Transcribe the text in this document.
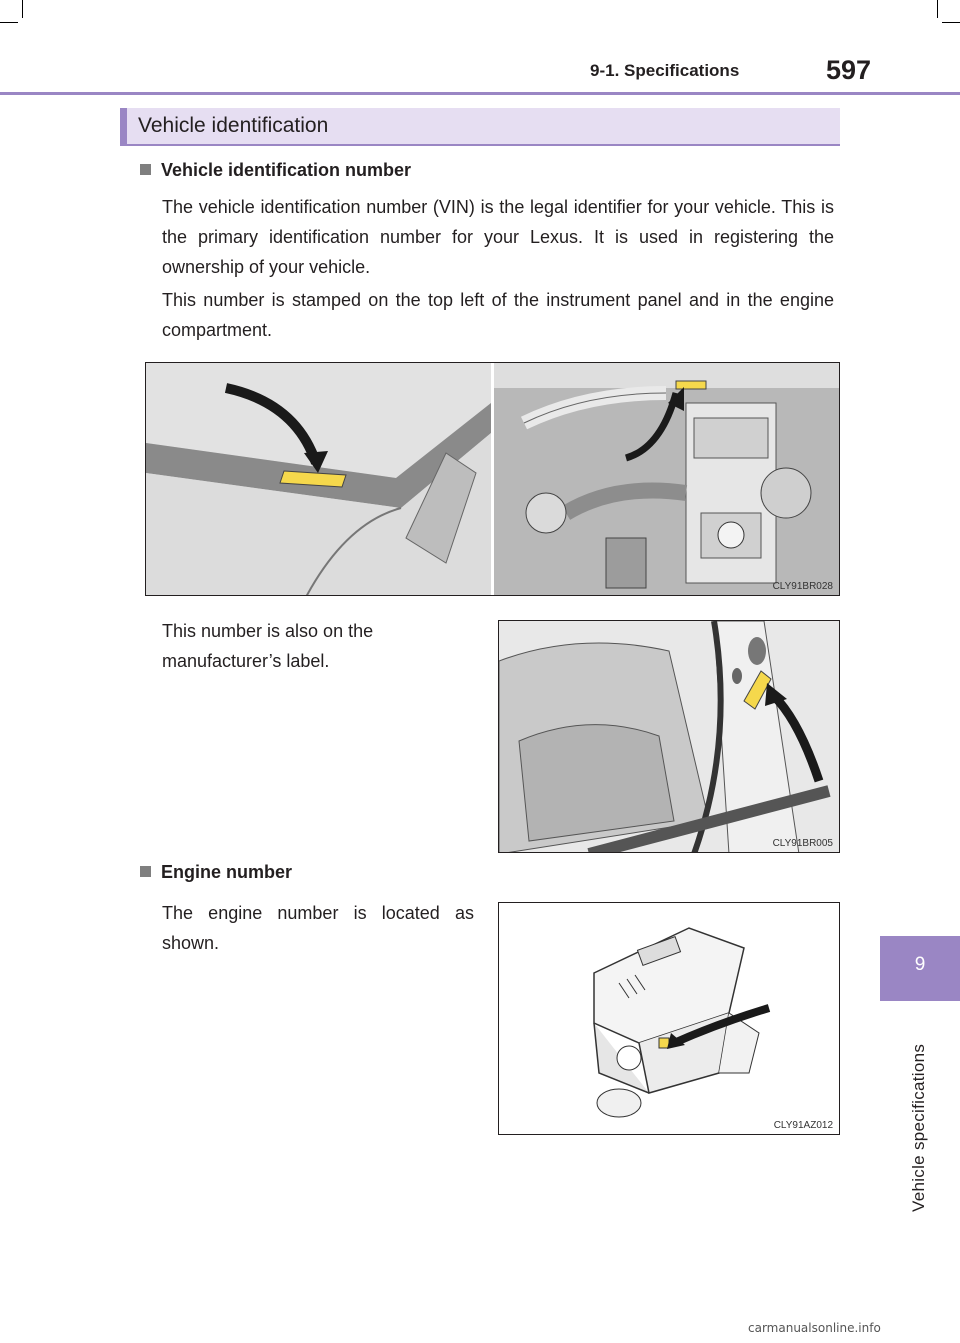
9-1. Specifications	597
9
Vehicle specifications
Vehicle identification
Vehicle identification number
The vehicle identification number (VIN) is the legal identifier for your vehicle. This is the primary identification number for your Lexus. It is used in registering the ownership of your vehicle.
This number is stamped on the top left of the instrument panel and in the engine compartment.
CLY91BR028
This number is also on the manufacturer’s label.
CLY91BR005
Engine number
The engine number is located as shown.
CLY91AZ012
carmanualsonline.info
